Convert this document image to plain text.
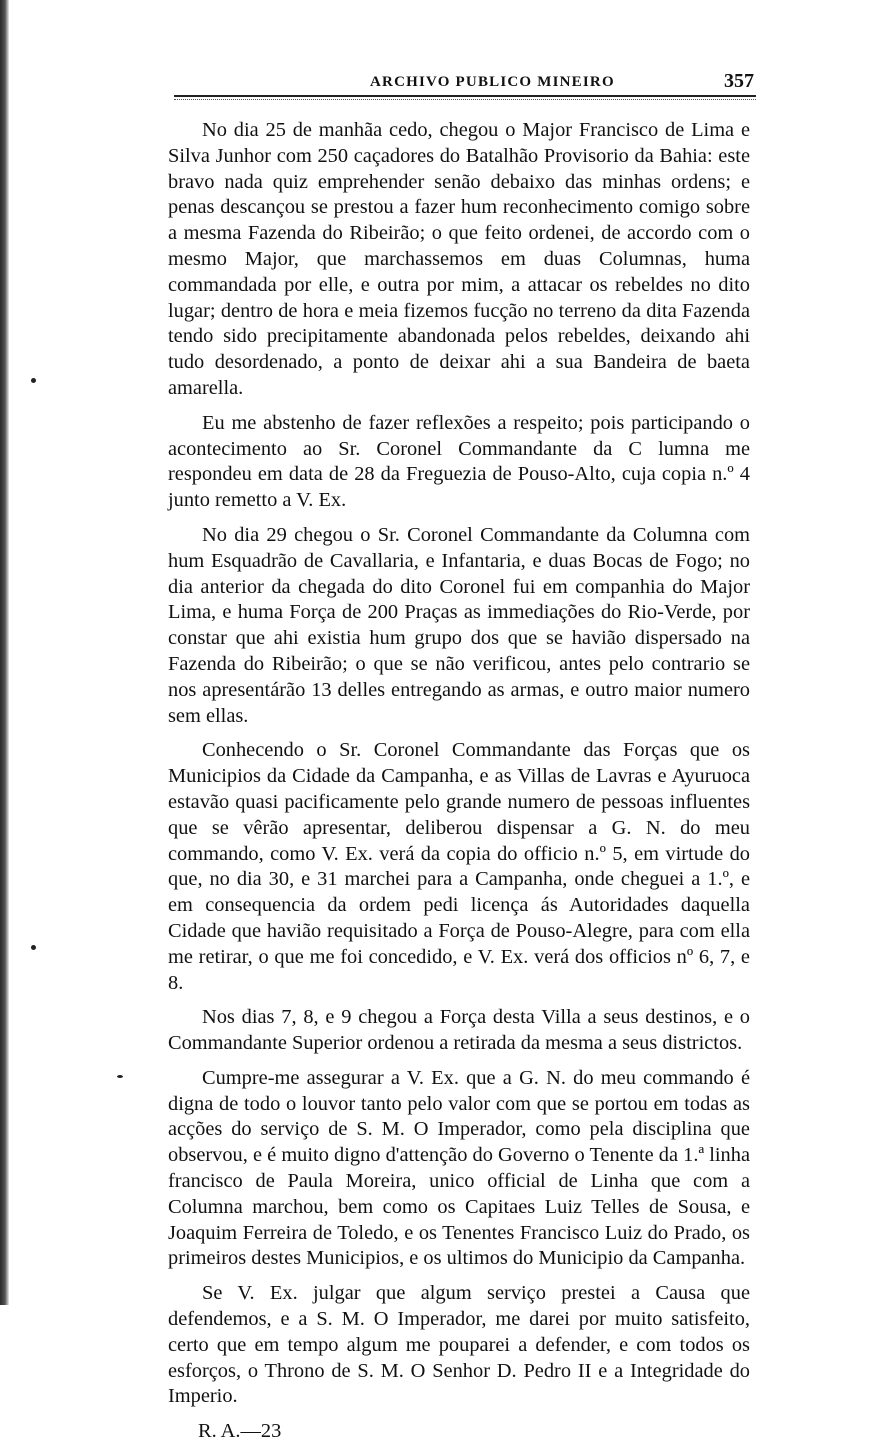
ARCHIVO PUBLICO MINEIRO	357

No dia 25 de manhãa cedo, chegou o Major Francisco de Lima e Silva Junhor com 250 caçadores do Batalhão Provisorio da Bahia: este bravo nada quiz emprehender senão debaixo das minhas ordens; e penas descançou se prestou a fazer hum reconhecimento comigo sobre a mesma Fazenda do Ribeirão; o que feito ordenei, de accordo com o mesmo Major, que marchassemos em duas Columnas, huma commandada por elle, e outra por mim, a attacar os rebeldes no dito lugar; dentro de hora e meia fizemos fucção no terreno da dita Fazenda tendo sido precipitamente abandonada pelos rebeldes, deixando ahi tudo desordenado, a ponto de deixar ahi a sua Bandeira de baeta amarella.

Eu me abstenho de fazer reflexões a respeito; pois participando o acontecimento ao Sr. Coronel Commandante da C lumna me respondeu em data de 28 da Freguezia de Pouso-Alto, cuja copia n.º 4 junto remetto a V. Ex.

No dia 29 chegou o Sr. Coronel Commandante da Columna com hum Esquadrão de Cavallaria, e Infantaria, e duas Bocas de Fogo; no dia anterior da chegada do dito Coronel fui em companhia do Major Lima, e huma Força de 200 Praças as immediações do Rio-Verde, por constar que ahi existia hum grupo dos que se havião dispersado na Fazenda do Ribeirão; o que se não verificou, antes pelo contrario se nos apresentárão 13 delles entregando as armas, e outro maior numero sem ellas.

Conhecendo o Sr. Coronel Commandante das Forças que os Municipios da Cidade da Campanha, e as Villas de Lavras e Ayuruoca estavão quasi pacificamente pelo grande numero de pessoas influentes que se vêrão apresentar, deliberou dispensar a G. N. do meu commando, como V. Ex. verá da copia do officio n.º 5, em virtude do que, no dia 30, e 31 marchei para a Campanha, onde cheguei a 1.º, e em consequencia da ordem pedi licença ás Autoridades daquella Cidade que havião requisitado a Força de Pouso-Alegre, para com ella me retirar, o que me foi concedido, e V. Ex. verá dos officios nº 6, 7, e 8.

Nos dias 7, 8, e 9 chegou a Força desta Villa a seus destinos, e o Commandante Superior ordenou a retirada da mesma a seus districtos.

Cumpre-me assegurar a V. Ex. que a G. N. do meu commando é digna de todo o louvor tanto pelo valor com que se portou em todas as acções do serviço de S. M. O Imperador, como pela disciplina que observou, e é muito digno d'attenção do Governo o Tenente da 1.ª linha francisco de Paula Moreira, unico official de Linha que com a Columna marchou, bem como os Capitaes Luiz Telles de Sousa, e Joaquim Ferreira de Toledo, e os Tenentes Francisco Luiz do Prado, os primeiros destes Municipios, e os ultimos do Municipio da Campanha.

Se V. Ex. julgar que algum serviço prestei a Causa que defendemos, e a S. M. O Imperador, me darei por muito satisfeito, certo que em tempo algum me pouparei a defender, e com todos os esforços, o Throno de S. M. O Senhor D. Pedro II e a Integridade do Imperio.

R. A.—23
